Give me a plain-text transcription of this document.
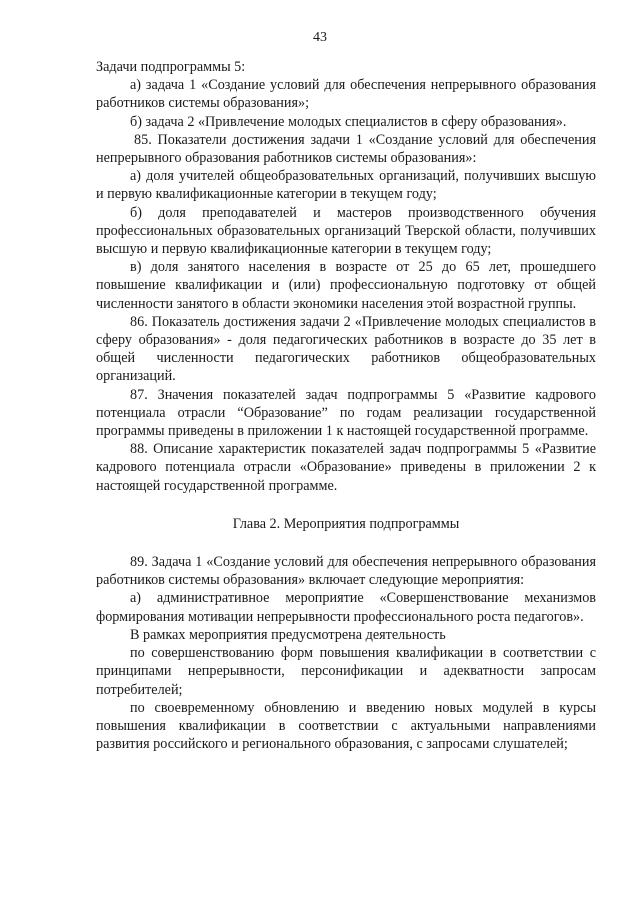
43

Задачи подпрограммы 5:

а) задача 1 «Создание условий для обеспечения непрерывного образования работников системы образования»;

б) задача 2 «Привлечение молодых специалистов в сферу образования».

85. Показатели достижения задачи 1 «Создание условий для обеспечения непрерывного образования работников системы образования»:

а) доля учителей общеобразовательных организаций, получивших высшую и первую квалификационные категории в текущем году;

б) доля преподавателей и мастеров производственного обучения профессиональных образовательных организаций Тверской области, получивших высшую и первую квалификационные категории в текущем году;

в) доля занятого населения в возрасте от 25 до 65 лет, прошедшего повышение квалификации и (или) профессиональную подготовку от общей численности занятого в области экономики населения этой возрастной группы.

86. Показатель достижения задачи 2 «Привлечение молодых специалистов в сферу образования» - доля педагогических работников в возрасте до 35 лет в общей численности педагогических работников общеобразовательных организаций.

87. Значения показателей задач подпрограммы 5 «Развитие кадрового потенциала отрасли “Образование” по годам реализации государственной программы приведены в приложении 1 к настоящей государственной программе.

88. Описание характеристик показателей задач подпрограммы 5 «Развитие кадрового потенциала отрасли «Образование» приведены в приложении 2 к настоящей государственной программе.

Глава 2. Мероприятия подпрограммы

89. Задача 1 «Создание условий для обеспечения непрерывного образования работников системы образования» включает следующие мероприятия:

а) административное мероприятие «Совершенствование механизмов формирования мотивации непрерывности профессионального роста педагогов».

В рамках мероприятия предусмотрена деятельность

по совершенствованию форм повышения квалификации в соответствии с принципами непрерывности, персонификации и адекватности запросам потребителей;

по своевременному обновлению и введению новых модулей в курсы повышения квалификации в соответствии с актуальными направлениями развития российского и регионального образования, с запросами слушателей;
